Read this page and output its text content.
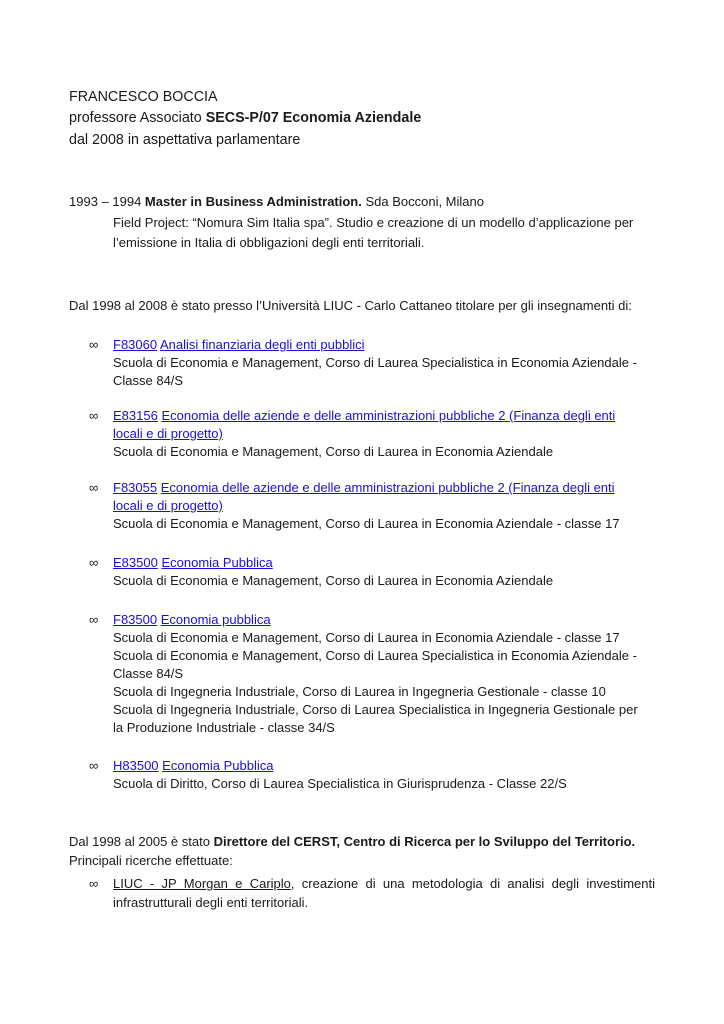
FRANCESCO BOCCIA
professore Associato SECS-P/07 Economia Aziendale
dal 2008 in aspettativa parlamentare
1993 – 1994 Master in Business Administration. Sda Bocconi, Milano
Field Project: “Nomura Sim Italia spa”. Studio e creazione di un modello d’applicazione per
l’emissione in Italia di obbligazioni degli enti territoriali.
Dal 1998 al 2008 è stato presso l’Università LIUC - Carlo Cattaneo titolare per gli insegnamenti di:
∞ F83060 Analisi finanziaria degli enti pubblici
Scuola di Economia e Management, Corso di Laurea Specialistica in Economia Aziendale -
Classe 84/S
∞ E83156 Economia delle aziende e delle amministrazioni pubbliche 2 (Finanza degli enti
locali e di progetto)
Scuola di Economia e Management, Corso di Laurea in Economia Aziendale
∞ F83055 Economia delle aziende e delle amministrazioni pubbliche 2 (Finanza degli enti
locali e di progetto)
Scuola di Economia e Management, Corso di Laurea in Economia Aziendale - classe 17
∞ E83500 Economia Pubblica
Scuola di Economia e Management, Corso di Laurea in Economia Aziendale
∞ F83500 Economia pubblica
Scuola di Economia e Management, Corso di Laurea in Economia Aziendale - classe 17
Scuola di Economia e Management, Corso di Laurea Specialistica in Economia Aziendale -
Classe 84/S
Scuola di Ingegneria Industriale, Corso di Laurea in Ingegneria Gestionale - classe 10
Scuola di Ingegneria Industriale, Corso di Laurea Specialistica in Ingegneria Gestionale per
la Produzione Industriale - classe 34/S
∞ H83500 Economia Pubblica
Scuola di Diritto, Corso di Laurea Specialistica in Giurisprudenza - Classe 22/S
Dal 1998 al 2005 è stato Direttore del CERST, Centro di Ricerca per lo Sviluppo del Territorio.
Principali ricerche effettuate:
∞ LIUC - JP Morgan e Cariplo, creazione di una metodologia di analisi degli investimenti
infrastrutturali degli enti territoriali.
